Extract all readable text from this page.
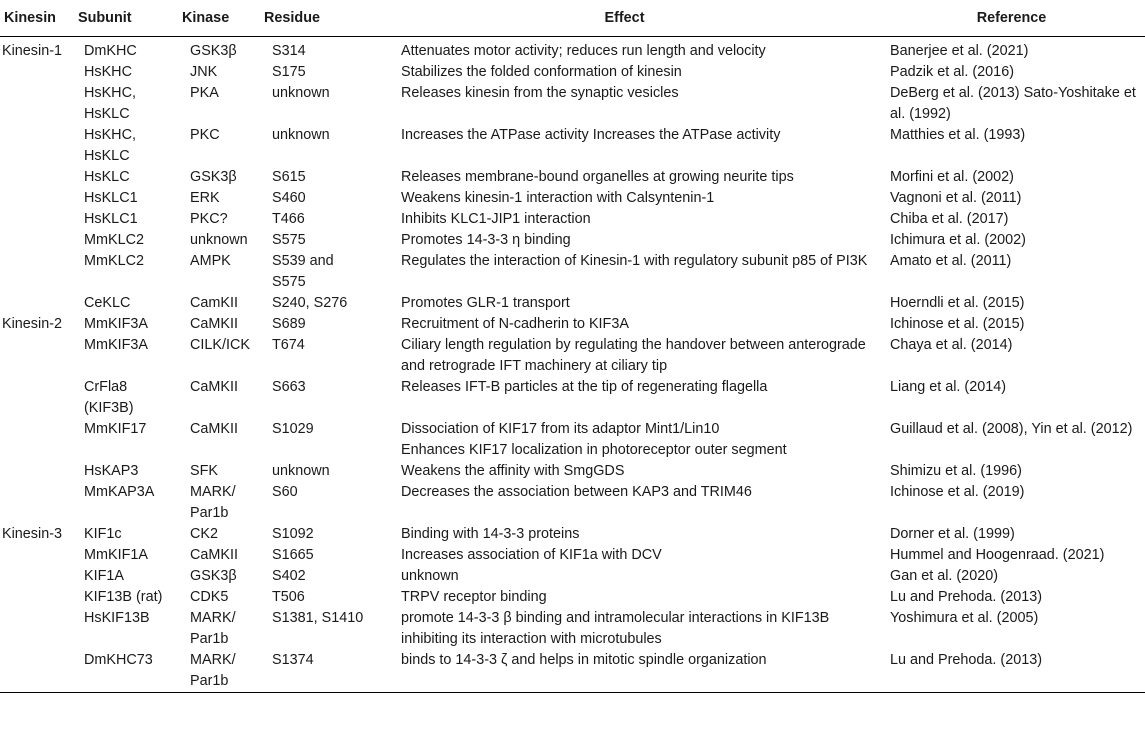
Kinesin	Subunit	Kinase	Residue	Effect	Reference
Kinesin-1	DmKHC	GSK3β	S314	Attenuates motor activity; reduces run length and velocity	Banerjee et al. (2021)
	HsKHC	JNK	S175	Stabilizes the folded conformation of kinesin	Padzik et al. (2016)
	HsKHC, HsKLC	PKA	unknown	Releases kinesin from the synaptic vesicles	DeBerg et al. (2013) Sato-Yoshitake et al. (1992)
	HsKHC, HsKLC	PKC	unknown	Increases the ATPase activity Increases the ATPase activity	Matthies et al. (1993)
	HsKLC	GSK3β	S615	Releases membrane-bound organelles at growing neurite tips	Morfini et al. (2002)
	HsKLC1	ERK	S460	Weakens kinesin-1 interaction with Calsyntenin-1	Vagnoni et al. (2011)
	HsKLC1	PKC?	T466	Inhibits KLC1-JIP1 interaction	Chiba et al. (2017)
	MmKLC2	unknown	S575	Promotes 14-3-3 η binding	Ichimura et al. (2002)
	MmKLC2	AMPK	S539 and S575	Regulates the interaction of Kinesin-1 with regulatory subunit p85 of PI3K	Amato et al. (2011)
	CeKLC	CamKII	S240, S276	Promotes GLR-1 transport	Hoerndli et al. (2015)
Kinesin-2	MmKIF3A	CaMKII	S689	Recruitment of N-cadherin to KIF3A	Ichinose et al. (2015)
	MmKIF3A	CILK/ICK	T674	Ciliary length regulation by regulating the handover between anterograde and retrograde IFT machinery at ciliary tip	Chaya et al. (2014)
	CrFla8 (KIF3B)	CaMKII	S663	Releases IFT-B particles at the tip of regenerating flagella	Liang et al. (2014)
	MmKIF17	CaMKII	S1029	Dissociation of KIF17 from its adaptor Mint1/Lin10	Guillaud et al. (2008), Yin et al. (2012)
				Enhances KIF17 localization in photoreceptor outer segment	
	HsKAP3	SFK	unknown	Weakens the affinity with SmgGDS	Shimizu et al. (1996)
	MmKAP3A	MARK/ Par1b	S60	Decreases the association between KAP3 and TRIM46	Ichinose et al. (2019)
Kinesin-3	KIF1c	CK2	S1092	Binding with 14-3-3 proteins	Dorner et al. (1999)
	MmKIF1A	CaMKII	S1665	Increases association of KIF1a with DCV	Hummel and Hoogenraad. (2021)
	KIF1A	GSK3β	S402	unknown	Gan et al. (2020)
	KIF13B (rat)	CDK5	T506	TRPV receptor binding	Lu and Prehoda. (2013)
	HsKIF13B	MARK/ Par1b	S1381, S1410	promote 14-3-3 β binding and intramolecular interactions in KIF13B inhibiting its interaction with microtubules	Yoshimura et al. (2005)
	DmKHC73	MARK/ Par1b	S1374	binds to 14-3-3 ζ and helps in mitotic spindle organization	Lu and Prehoda. (2013)
